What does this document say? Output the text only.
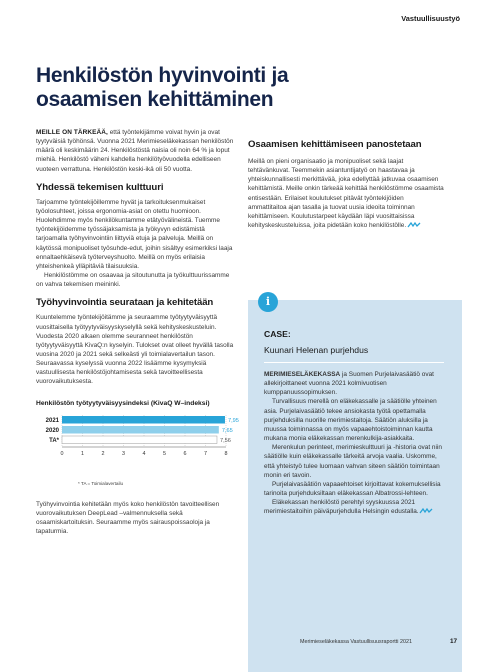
Vastuullisuustyö
Henkilöstön hyvinvointi ja osaamisen kehittäminen

MEILLE ON TÄRKEÄÄ, että työntekijämme voivat hyvin ja ovat tyytyväisiä työhönsä. Vuonna 2021 Merimieseläkekassan henkilöstön määrä oli keskimäärin 24. Henkilöstöstä naisia oli noin 64 % ja loput miehiä. Henkilöstö väheni kahdella henkilötyövuodella edelliseen vuoteen verrattuna. Henkilöstön keski-ikä oli 50 vuotta.

Yhdessä tekemisen kulttuuri

Tarjoamme työntekijöillemme hyvät ja tarkoituksenmukaiset työolosuhteet, joissa ergonomia-asiat on otettu huomioon. Huolehdimme myös henkilökuntamme etätyövälineistä. Tuemme työntekijöidemme työssäjaksamista ja työkyvyn edistämistä tarjoamalla työhyvinvointiin liittyviä etuja ja palveluja. Meillä on käytössä monipuoliset työsuhde-edut, joihin sisältyy esimerkiksi laaja ennaltaehkäisevä työterveyshuolto. Meillä on myös erilaisia yhteishenkeä ylläpitäviä tilaisuuksia.

Henkilöstömme on osaavaa ja sitoutunutta ja työkulttuurissamme on vahva tekemisen meininki.

Työhyvinvointia seurataan ja kehitetään

Kuuntelemme työntekijöitämme ja seuraamme työtyytyväisyyttä vuosittaisella työtyytyväisyyskyselyllä sekä kehityskeskusteluin. Vuodesta 2020 alkaen olemme seuranneet henkilöstön työtyytyväisyyttä KivaQ:n kyselyin. Tulokset ovat olleet hyvällä tasolla vuosina 2020 ja 2021 sekä selkeästi yli toimialavertailun tason. Seuraavassa kyselyssä vuonna 2022 lisäämme kysymyksiä vastuullisesta henkilöstöjohtamisesta sekä tavoitteellisesta vuorovaikutuksesta.

Henkilöstön työtyytyväisyysindeksi (KivaQ W–indeksi)
2021	7,95
2020	7,65
TA*	7,56
0	1	2	3	4	5	6	7	8
* TA = Toimialavertailu

Työhyvinvointia kehitetään myös koko henkilöstön tavoitteellisen vuorovaikutuksen DeepLead –valmennuksella sekä osaamiskartoituksin. Seuraamme myös sairauspoissaoloja ja tapaturmia.

Osaamisen kehittämiseen panostetaan

Meillä on pieni organisaatio ja monipuoliset sekä laajat tehtävänkuvat. Teemmekin asiantuntijatyö on haastavaa ja yhteiskunnallisesti merkittävää, joka edellyttää jatkuvaa osaamisen kehittämistä. Meille onkin tärkeää kehittää henkilöstömme osaamista entisestään. Erilaiset koulutukset pitävät työntekijöiden ammattitaitoa ajan tasalla ja tuovat uusia ideoita toiminnan kehittämiseen. Koulutustarpeet käydään läpi vuosittaisissa kehityskeskusteluissa, joita pidetään koko henkilöstölle.

i
CASE:
Kuunari Helenan purjehdus

MERIMIESELÄKEKASSA ja Suomen Purjelaivasäätiö ovat allekirjoittaneet vuonna 2021 kolmivuotisen kumppanuussopimuksen.

Turvallisuus merellä on eläkekassalle ja säätiölle yhteinen asia. Purjelaivasäätiö tekee ansiokasta työtä opettamalla purjehduksilla nuorille merimiestaitoja. Säätiön aluksilla ja muussa toiminnassa on myös vapaaehtoistoiminnan kautta mukana monia eläkekassan merenkulkija-asiakkaita.

Merenkulun perinteet, merimieskulttuuri ja -historia ovat niin säätiölle kuin eläkekassalle tärkeitä arvoja vaalia. Uskomme, että yhteistyö tuleе luomaan vahvan siteen säätiön toimintaan monin eri tavoin.

Purjelaivasäätiön vapaaehtoiset kirjoittavat kokemuksellisia tarinoita purjehduksiltaan eläkekassan Albatrossi-lehteen.

Eläkekassan henkilöstö perehtyi syyskuussa 2021 merimiestaitoihin päiväpurjehdulla Helsingin edustalla.

Merimieseläkekassa Vastuullisuusraportti 2021	17
